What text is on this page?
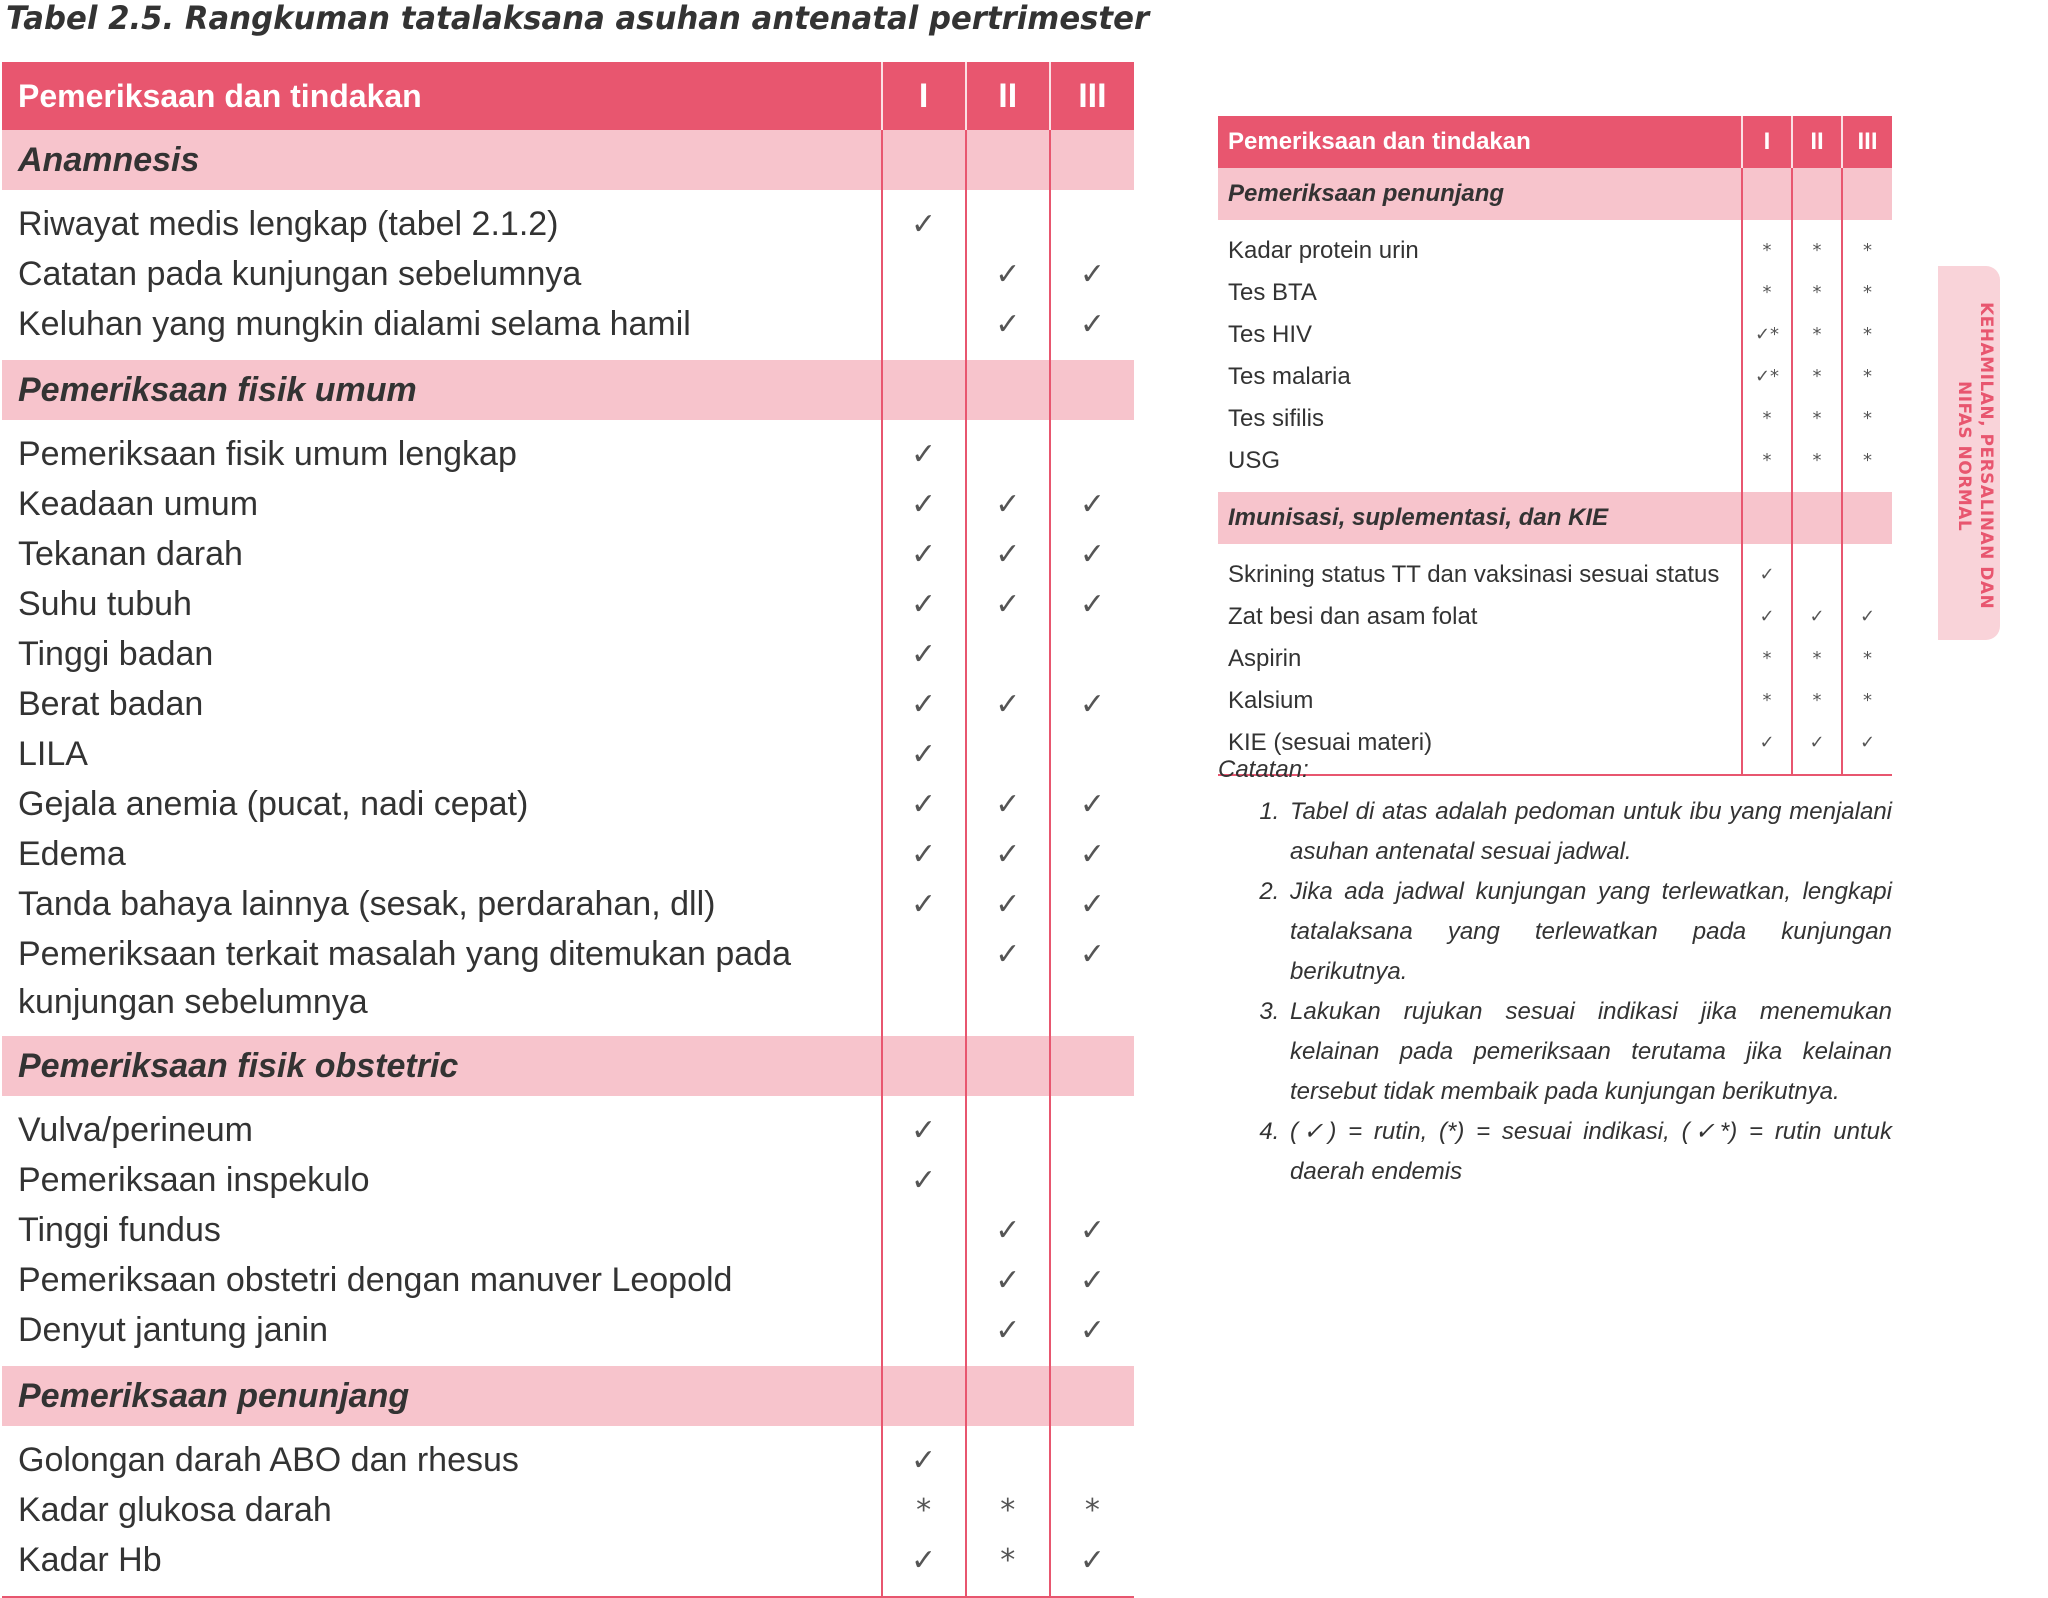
Tabel 2.5. Rangkuman tatalaksana asuhan antenatal pertrimester
Pemeriksaan dan tindakan	I	II	III
Anamnesis			

Riwayat medis lengkap (tabel 2.1.2)	✓		
Catatan pada kunjungan sebelumnya		✓	✓
Keluhan yang mungkin dialami selama hamil		✓	✓

Pemeriksaan fisik umum			

Pemeriksaan fisik umum lengkap	✓		
Keadaan umum	✓	✓	✓
Tekanan darah	✓	✓	✓
Suhu tubuh	✓	✓	✓
Tinggi badan	✓		
Berat badan	✓	✓	✓
LILA	✓		
Gejala anemia (pucat, nadi cepat)	✓	✓	✓
Edema	✓	✓	✓
Tanda bahaya lainnya (sesak, perdarahan, dll)	✓	✓	✓
Pemeriksaan terkait masalah yang ditemukan pada kunjungan sebelumnya		✓	✓

Pemeriksaan fisik obstetric			

Vulva/perineum	✓		
Pemeriksaan inspekulo	✓		
Tinggi fundus		✓	✓
Pemeriksaan obstetri dengan manuver Leopold		✓	✓
Denyut jantung janin		✓	✓

Pemeriksaan penunjang			

Golongan darah ABO dan rhesus	✓		
Kadar glukosa darah	*	*	*
Kadar Hb	✓	*	✓

Pemeriksaan dan tindakan	I	II	III
Pemeriksaan penunjang			

Kadar protein urin	*	*	*
Tes BTA	*	*	*
Tes HIV	✓*	*	*
Tes malaria	✓*	*	*
Tes sifilis	*	*	*
USG	*	*	*

Imunisasi, suplementasi, dan KIE			

Skrining status TT dan vaksinasi sesuai status	✓		
Zat besi dan asam folat	✓	✓	✓
Aspirin	*	*	*
Kalsium	*	*	*
KIE (sesuai materi)	✓	✓	✓

Catatan:
1. Tabel di atas adalah pedoman untuk ibu yang menjalani asuhan antenatal sesuai jadwal.
2. Jika ada jadwal kunjungan yang terlewatkan, lengkapi tatalaksana yang terlewatkan pada kunjungan berikutnya.
3. Lakukan rujukan sesuai indikasi jika menemukan kelainan pada pemeriksaan terutama jika kelainan tersebut tidak membaik pada kunjungan berikutnya.
4. (✓) = rutin, (*) = sesuai indikasi, (✓*) = rutin untuk daerah endemis
KEHAMILAN, PERSALINAN DAN NIFAS NORMAL
